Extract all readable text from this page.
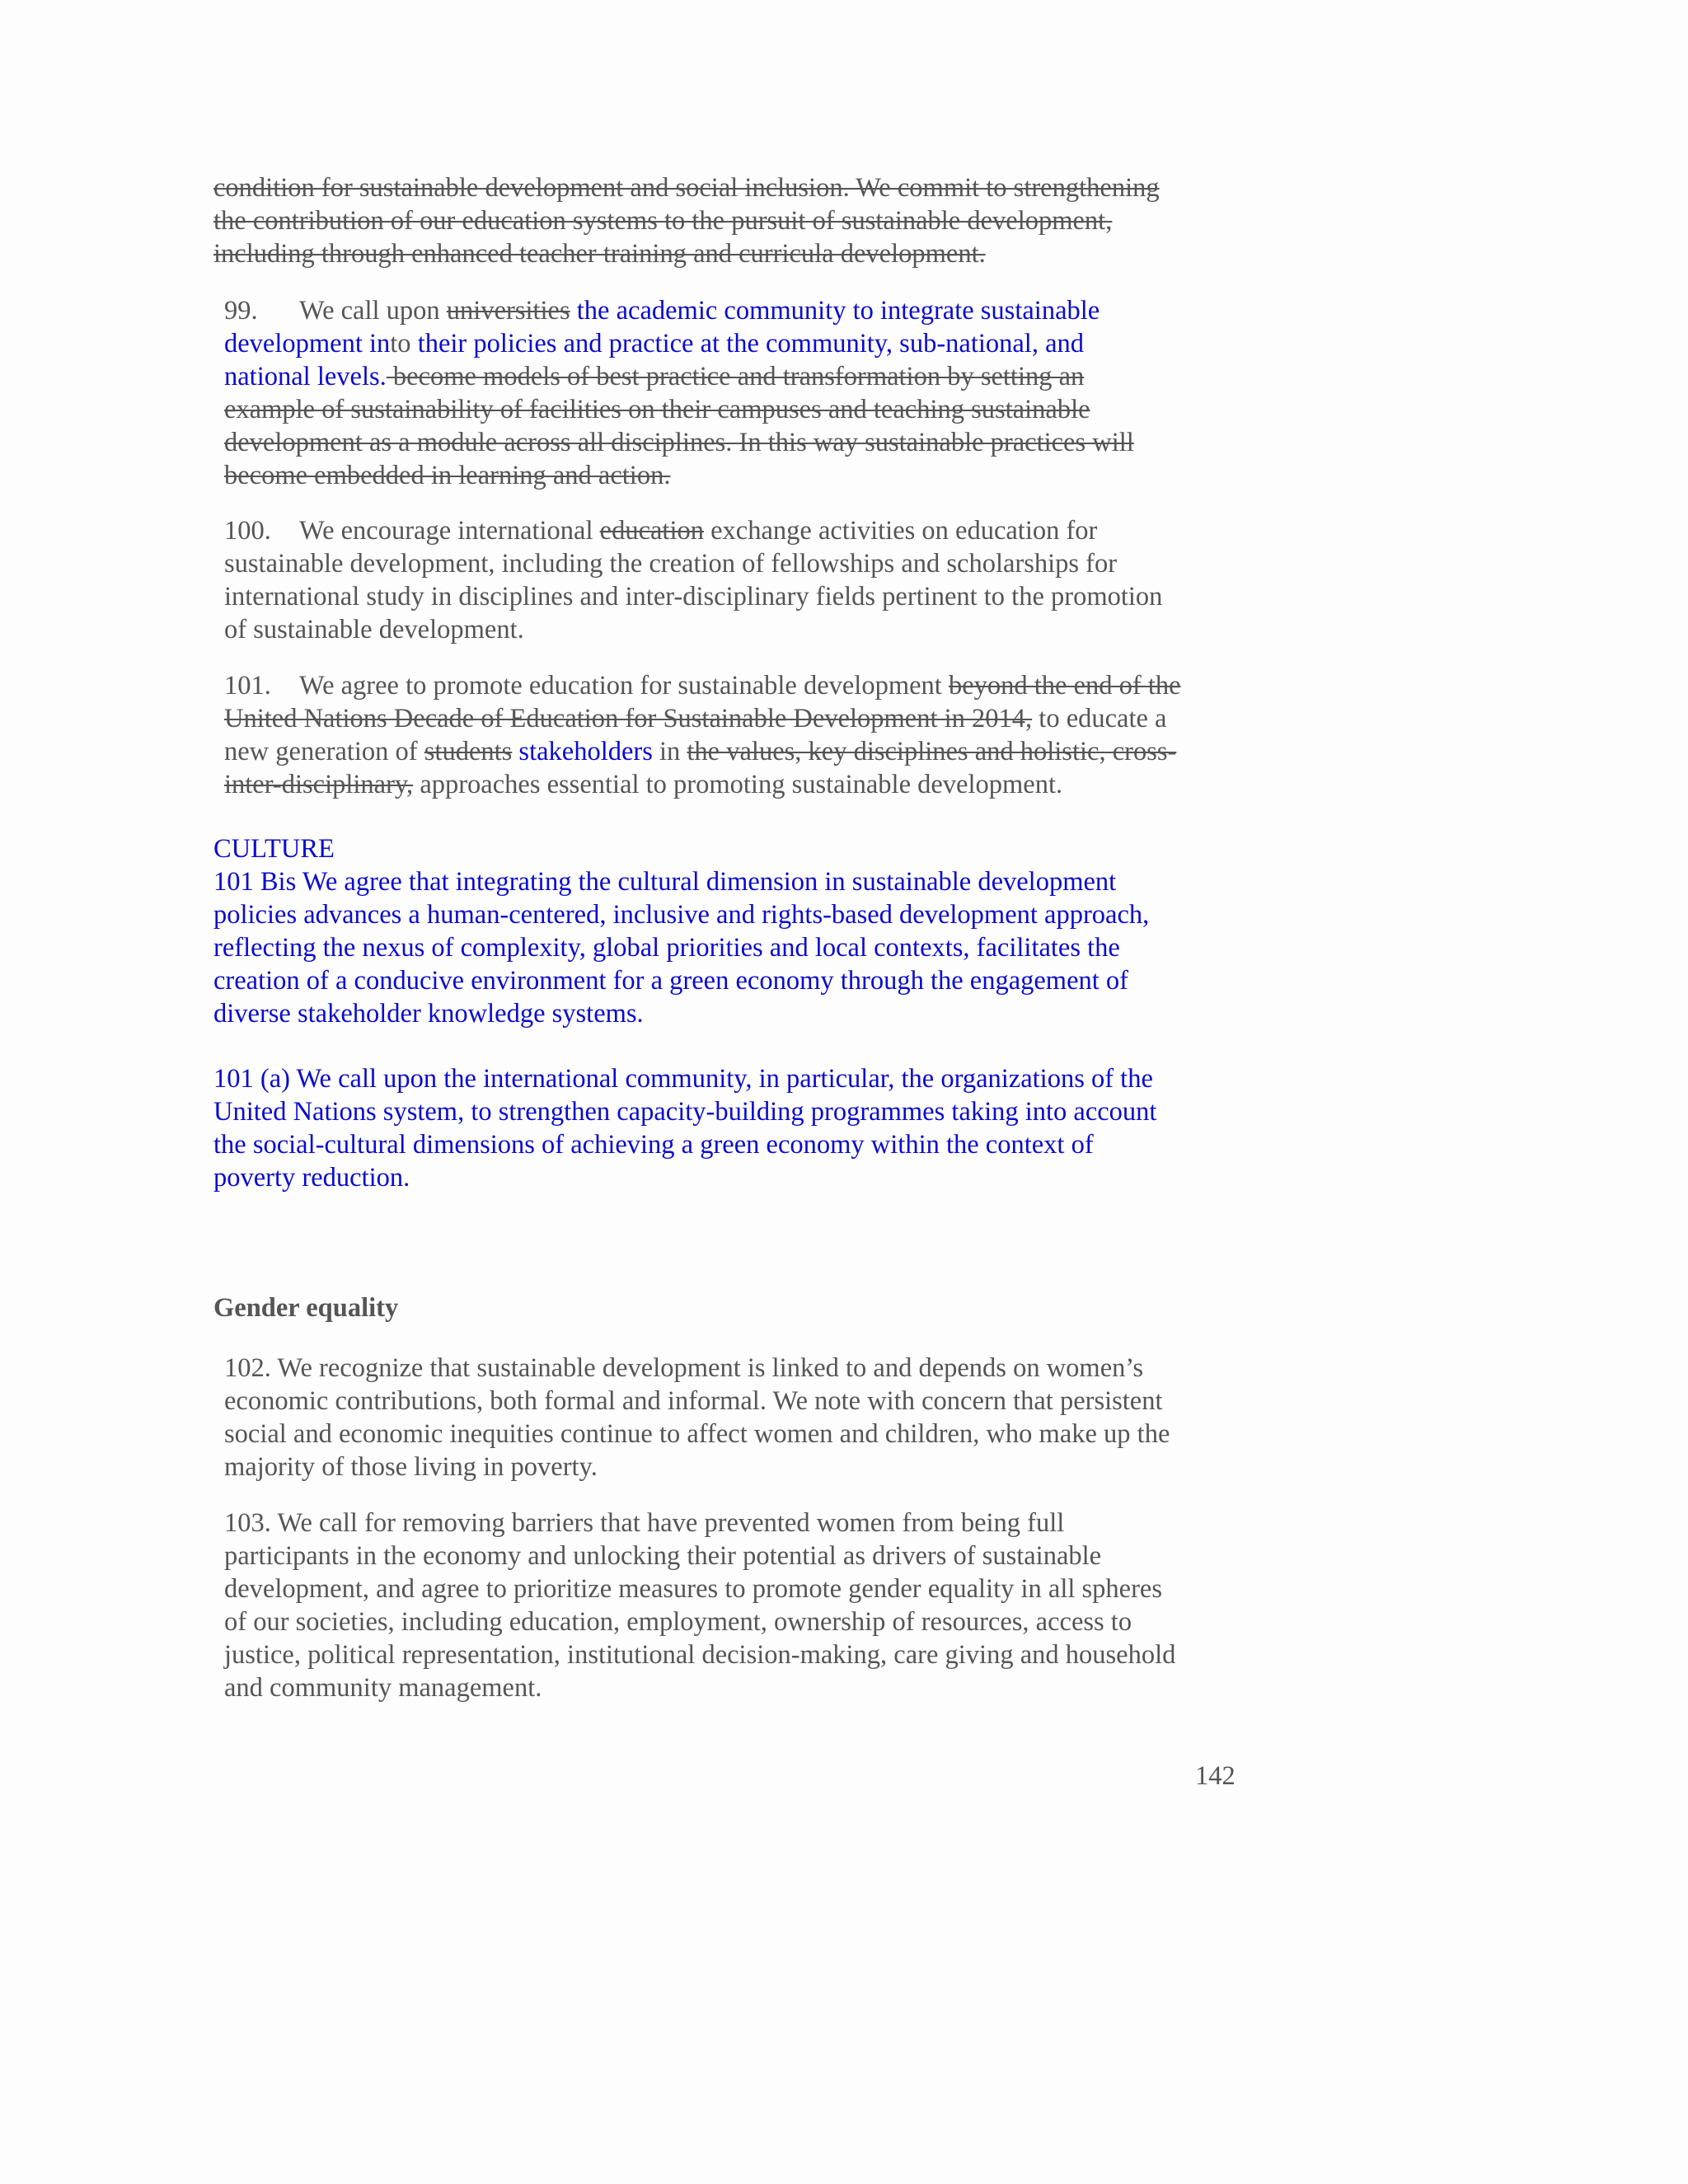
condition for sustainable development and social inclusion. We commit to strengthening
the contribution of our education systems to the pursuit of sustainable development,
including through enhanced teacher training and curricula development.
99. We call upon universities the academic community to integrate sustainable
development into their policies and practice at the community, sub-national, and
national levels. become models of best practice and transformation by setting an
example of sustainability of facilities on their campuses and teaching sustainable
development as a module across all disciplines. In this way sustainable practices will
become embedded in learning and action.
100. We encourage international education exchange activities on education for
sustainable development, including the creation of fellowships and scholarships for
international study in disciplines and inter-disciplinary fields pertinent to the promotion
of sustainable development.
101. We agree to promote education for sustainable development beyond the end of the
United Nations Decade of Education for Sustainable Development in 2014, to educate a
new generation of students stakeholders in the values, key disciplines and holistic, cross-
inter-disciplinary, approaches essential to promoting sustainable development.
CULTURE
101 Bis We agree that integrating the cultural dimension in sustainable development
policies advances a human-centered, inclusive and rights-based development approach,
reflecting the nexus of complexity, global priorities and local contexts, facilitates the
creation of a conducive environment for a green economy through the engagement of
diverse stakeholder knowledge systems.
101 (a) We call upon the international community, in particular, the organizations of the
United Nations system, to strengthen capacity-building programmes taking into account
the social-cultural dimensions of achieving a green economy within the context of
poverty reduction.
Gender equality
102. We recognize that sustainable development is linked to and depends on women’s
economic contributions, both formal and informal. We note with concern that persistent
social and economic inequities continue to affect women and children, who make up the
majority of those living in poverty.
103. We call for removing barriers that have prevented women from being full
participants in the economy and unlocking their potential as drivers of sustainable
development, and agree to prioritize measures to promote gender equality in all spheres
of our societies, including education, employment, ownership of resources, access to
justice, political representation, institutional decision-making, care giving and household
and community management.
142
